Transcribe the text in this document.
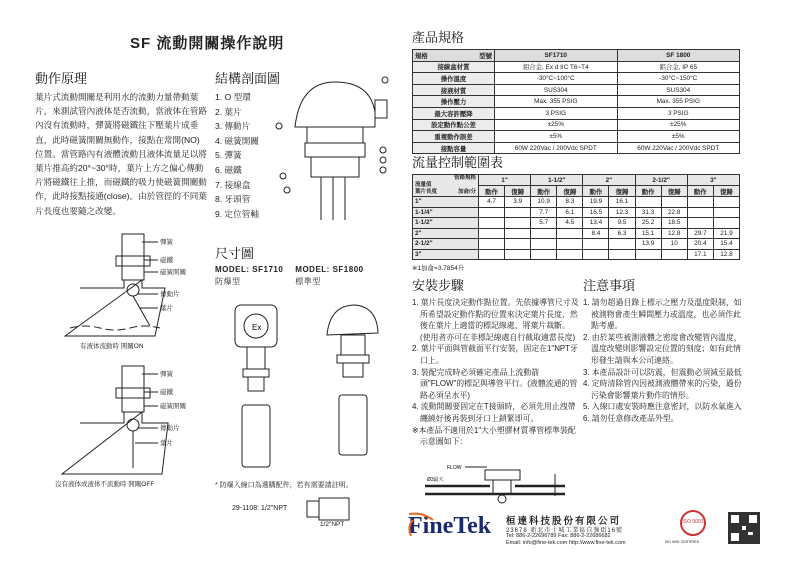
SF 流動開關操作說明
動作原理
葉片式流動開關是利用水的流動力量帶動葉片，來測試管內液体是否流動，當液体在管路內沒有流動時，彈簧將磁鐵往下壓葉片成垂直，此時磁簧開關無動作，接點在常開(NO)位置。當管路內有液體流動且液体流量足以將葉片推高約20°~30°時，葉片上方之偏心傳動片將磁鐵往上推，而磁鐵的吸力使磁簧開關動作，此時接點接通(close)。由於管徑的不同葉片長度也要隨之改變。
彈簧
磁鐵
磁簧開關
傳動片
葉片
有液体流動時 開關ON
彈簧
磁鐵
磁簧開關
傳動片
葉片
沒有液体或液体不流動時 開關OFF
結構剖面圖
1. O 型環
2. 葉片
3. 傳動片
4. 磁簧開關
5. 彈簧
6. 磁鐵
7. 接線盒
8. 牙頭管
9. 定位管軸
尺寸圖
MODEL: SF1710
防爆型
MODEL: SF1800
標準型
Ex
* 防爆入線口為選購配件，若有需要請註明。
29-1108: 1/2"NPT
1/2"NPT
產品規格
規格 型號	SF1710	SF 1800
接線盒材質	鋁合金, Ex d IIC T6~T4	鋁合金, IP 65
操作溫度	-30°C~100°C	-30°C~150°C
接液材質	SUS304	SUS304
操作壓力	Max. 355 PSIG	Max. 355 PSIG
最大容許壓降	3 PSIG	3 PSIG
設定動作點公差	±25%	±25%
重複動作誤差	±5%	±5%
接點容量	60W 220Vac / 200Vdc SPDT	60W 220Vac / 200Vdc SPDT
流量控制範圍表
管路規格
流量值
葉片長度 加侖/分	1"		1-1/2"		2"		2-1/2"		3"	
	動作	復歸	動作	復歸	動作	復歸	動作	復歸	動作	復歸
1"	4.7	3.9	10.9	8.3	19.9	16.1				
1-1/4"			7.7	6.1	16.5	12.3	31.3	22.8		
1-1/2"			5.7	4.5	13.4	9.5	25.2	18.5		
2"					8.4	6.3	15.1	12.8	29.7	21.9
2-1/2"							13.9	10	20.4	15.4
3"									17.1	12.8
※1加侖=3.7854升
安裝步驟
1. 葉片長度決定動作點位置。先依據導管尺寸及所希望設定動作點的位置來決定葉片長度，然後在葉片上適當的標記線處，將葉片裁斷。(使用者亦可在非標記線處自行截取適當長度)
2. 葉片平面與管截面平行安裝，固定在1"NPT牙口上。
3. 裝配完成時必須確定產品上流動箭頭"FLOW"的標記與導管平行。(液體流通的管路必須呈水平)
4. 流動開關要固定在T接頭時，必須先用止洩帶纏繞好後再裝到牙口上鎖緊即可。
※本產品不適用於1"大小塑膠材質導管標準裝配示意圖如下：
FLOW
Ø3最大
注意事項
1. 請勿超過目錄上標示之壓力及溫度限制，如被測物會產生瞬間壓力或溫度，也必須作此點考慮。
2. 由於某些被測液體之密度會改變管內溫度，溫度改變則影響設定位置的刻度；如有此情形發生請與本公司連絡。
3. 本產品設計可以防震，但震動必須減至最低
4. 定時清除管內因被測液體帶來的污染，過份污染會影響葉片動作的情形。
5. 入線口處安裝時應注意密封，以防水氣進入
6. 請勿任意修改產品外型。
FineTek 桓達科技股份有限公司
23678 新北市土城工業區自強街16號
Tel: 886-2-22696789 Fax: 886-2-22686682
Email: info@fine-tek.com http://www.fine-tek.com
ISO 9001
ISO 9001 CERTIFIED
